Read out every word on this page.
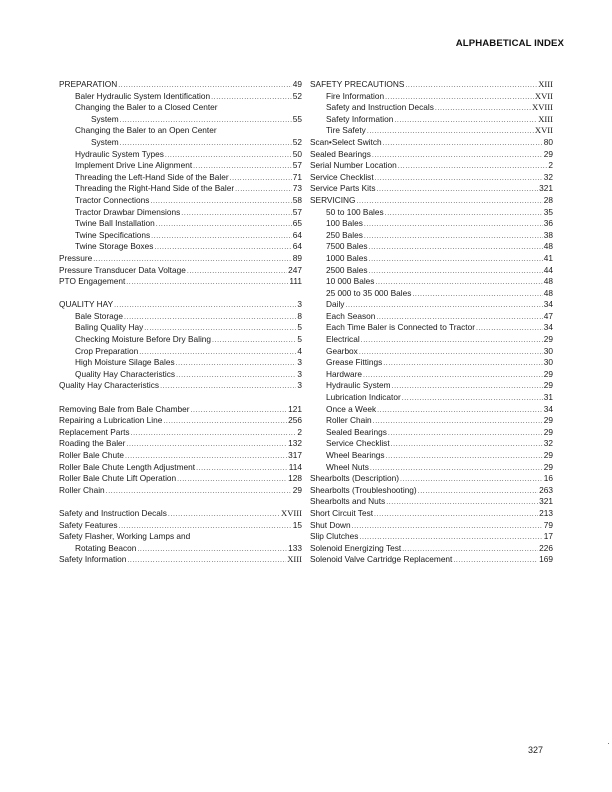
ALPHABETICAL INDEX
PREPARATION .....	49
Baler Hydraulic System Identification .....	52
Changing the Baler to a Closed Center
System .....	55
Changing the Baler to an Open Center
System .....	52
Hydraulic System Types .....	50
Implement Drive Line Alignment .....	57
Threading the Left-Hand Side of the Baler .....	71
Threading the Right-Hand Side of the Baler .....	73
Tractor Connections .....	58
Tractor Drawbar Dimensions .....	57
Twine Ball Installation .....	65
Twine Specifications .....	64
Twine Storage Boxes .....	64
Pressure .....	89
Pressure Transducer Data Voltage .....	247
PTO Engagement .....	111
QUALITY HAY .....	3
Bale Storage .....	8
Baling Quality Hay .....	5
Checking Moisture Before Dry Baling .....	5
Crop Preparation .....	4
High Moisture Silage Bales .....	3
Quality Hay Characteristics .....	3
Quality Hay Characteristics .....	3
Removing Bale from Bale Chamber .....	121
Repairing a Lubrication Line .....	256
Replacement Parts .....	2
Roading the Baler .....	132
Roller Bale Chute .....	317
Roller Bale Chute Length Adjustment .....	114
Roller Bale Chute Lift Operation .....	128
Roller Chain .....	29
Safety and Instruction Decals .....	XVIII
Safety Features .....	15
Safety Flasher, Working Lamps and
Rotating Beacon .....	133
Safety Information .....	XIII
SAFETY PRECAUTIONS .....	XIII
Fire Information .....	XVII
Safety and Instruction Decals .....	XVIII
Safety Information .....	XIII
Tire Safety .....	XVII
Scan•Select Switch .....	80
Sealed Bearings .....	29
Serial Number Location .....	2
Service Checklist .....	32
Service Parts Kits .....	321
SERVICING .....	28
50 to 100 Bales .....	35
100 Bales .....	36
250 Bales .....	38
7500 Bales .....	48
1000 Bales .....	41
2500 Bales .....	44
10 000 Bales .....	48
25 000 to 35 000 Bales .....	48
Daily .....	34
Each Season .....	47
Each Time Baler is Connected to Tractor .....	34
Electrical .....	29
Gearbox .....	30
Grease Fittings .....	30
Hardware .....	29
Hydraulic System .....	29
Lubrication Indicator .....	31
Once a Week .....	34
Roller Chain .....	29
Sealed Bearings .....	29
Service Checklist .....	32
Wheel Bearings .....	29
Wheel Nuts .....	29
Shearbolts (Description) .....	16
Shearbolts (Troubleshooting) .....	263
Shearbolts and Nuts .....	321
Short Circuit Test .....	213
Shut Down .....	79
Slip Clutches .....	17
Solenoid Energizing Test .....	226
Solenoid Valve Cartridge Replacement .....	169
327
